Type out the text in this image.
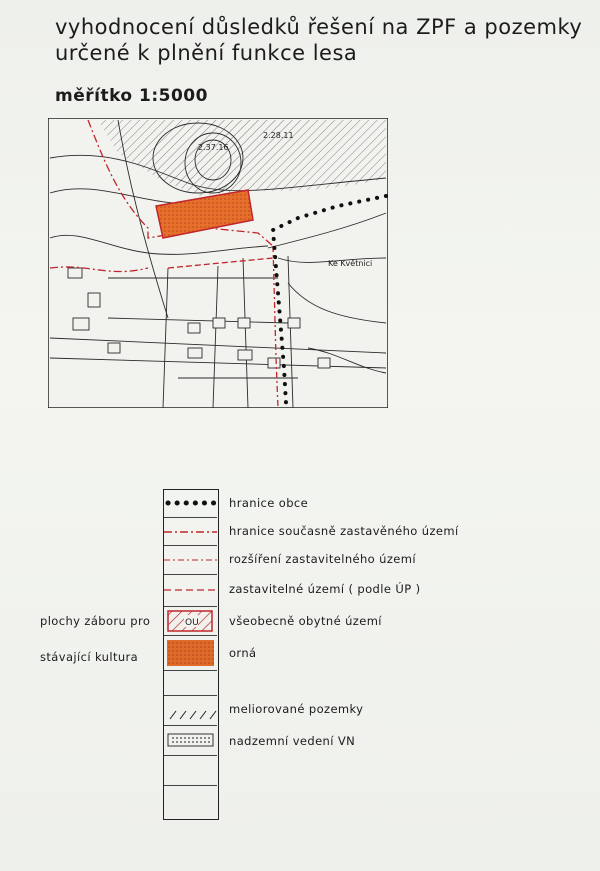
vyhodnocení důsledků řešení na ZPF a pozemky
určené k plnění funkce lesa
měřítko 1:5000
2.28.11
2.37.16
Ke Květnici
OU
hranice obce
hranice současně zastavěného území
rozšíření zastavitelného území
zastavitelné území ( podle ÚP )
všeobecně obytné území
orná
meliorované pozemky
nadzemní vedení VN
plochy záboru pro
stávající kultura
